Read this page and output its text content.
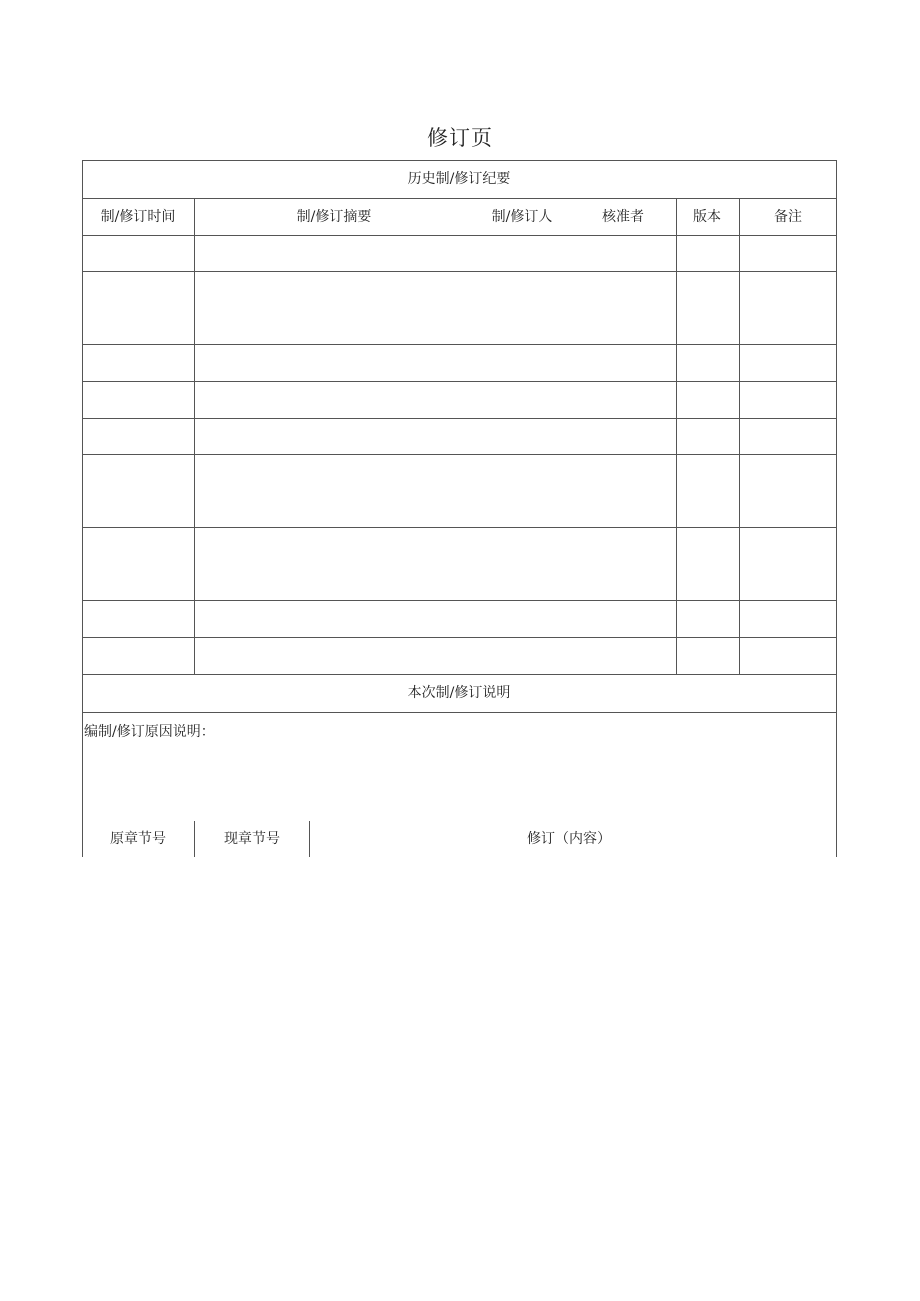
修订页
历史制/修订纪要
制/修订时间	制/修订摘要	制/修订人	核准者	版本	备注
本次制/修订说明
编制/修订原因说明：
原章节号	现章节号	修订（内容）
